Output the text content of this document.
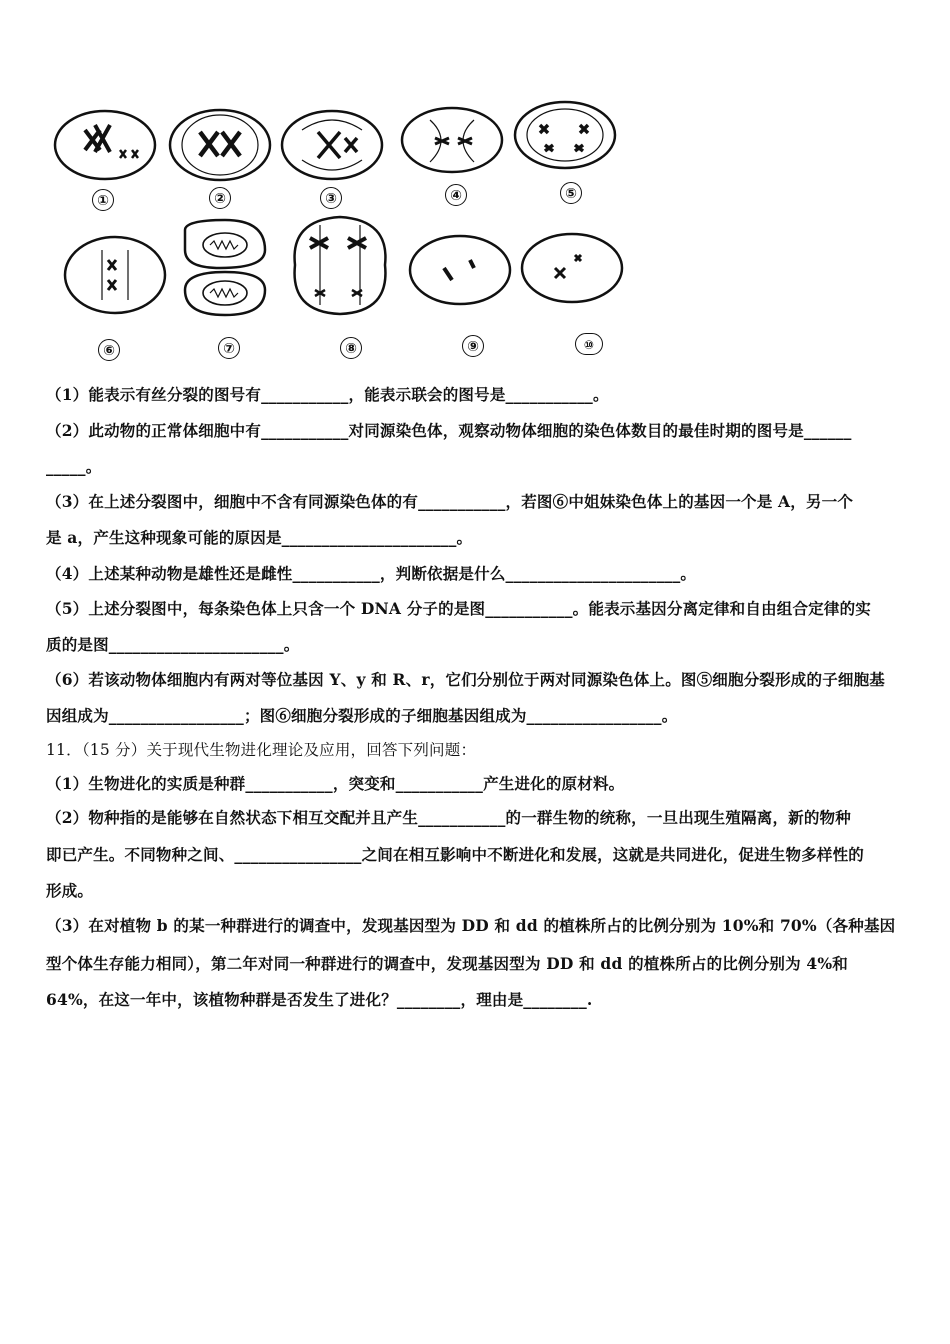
①	②	③	④	⑤
⑥	⑦	⑧	⑨	⑩
（1）能表示有丝分裂的图号有___________，能表示联会的图号是___________。
（2）此动物的正常体细胞中有___________对同源染色体，观察动物体细胞的染色体数目的最佳时期的图号是______
_____。
（3）在上述分裂图中，细胞中不含有同源染色体的有___________，若图⑥中姐妹染色体上的基因一个是 A，另一个
是 a，产生这种现象可能的原因是______________________。
（4）上述某种动物是雄性还是雌性___________，判断依据是什么______________________。
（5）上述分裂图中，每条染色体上只含一个 DNA 分子的是图___________。能表示基因分离定律和自由组合定律的实
质的是图______________________。
（6）若该动物体细胞内有两对等位基因 Y、y 和 R、r，它们分别位于两对同源染色体上。图⑤细胞分裂形成的子细胞基
因组成为_________________；图⑥细胞分裂形成的子细胞基因组成为_________________。
11．（15 分）关于现代生物进化理论及应用，回答下列问题：
（1）生物进化的实质是种群___________，突变和___________产生进化的原材料。
（2）物种指的是能够在自然状态下相互交配并且产生___________的一群生物的统称，一旦出现生殖隔离，新的物种
即已产生。不同物种之间、________________之间在相互影响中不断进化和发展，这就是共同进化，促进生物多样性的
形成。
（3）在对植物 b 的某一种群进行的调查中，发现基因型为 DD 和 dd 的植株所占的比例分别为 10%和 70%（各种基因
型个体生存能力相同），第二年对同一种群进行的调查中，发现基因型为 DD 和 dd 的植株所占的比例分别为 4%和
64%，在这一年中，该植物种群是否发生了进化？________，理由是________.
